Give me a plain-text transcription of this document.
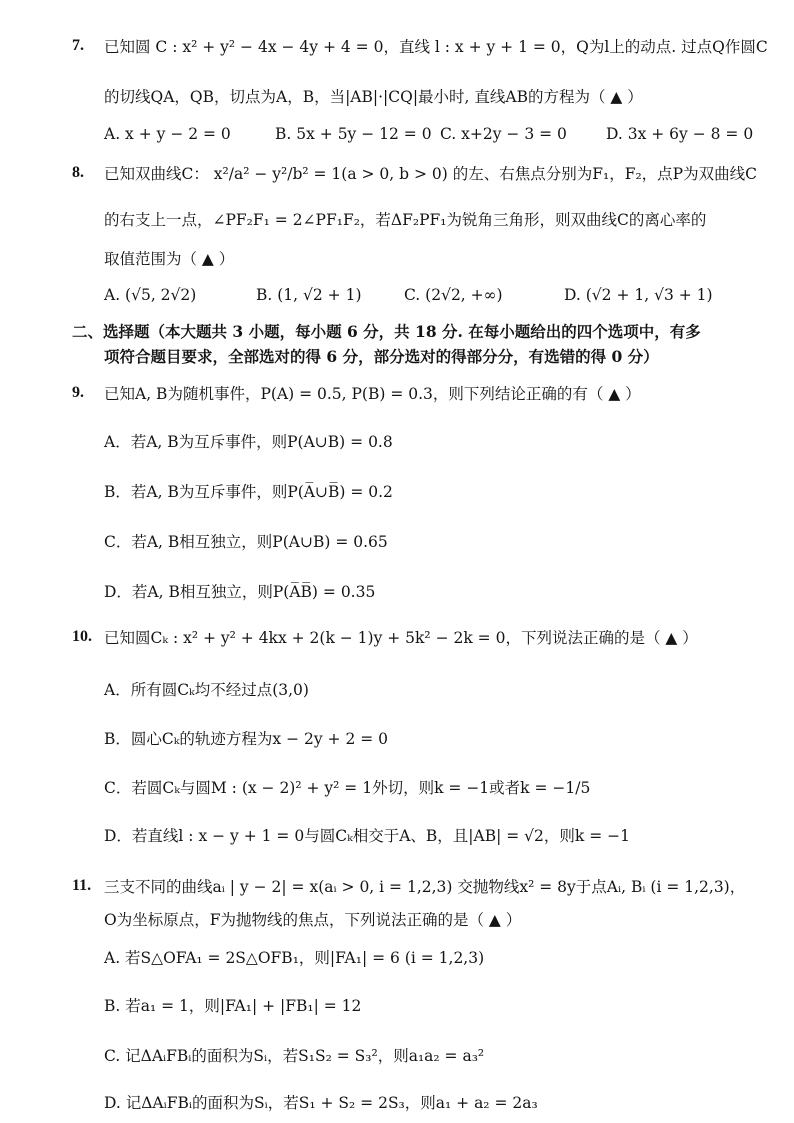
7. 已知圆 C : x² + y² − 4x − 4y + 4 = 0，直线 l : x + y + 1 = 0，Q为l上的动点. 过点Q作圆C
的切线QA，QB，切点为A，B，当|AB|·|CQ|最小时, 直线AB的方程为（ ▲ ）
A. x + y − 2 = 0	B. 5x + 5y − 12 = 0 C. x+2y − 3 = 0	D. 3x + 6y − 8 = 0
8. 已知双曲线C： x²/a² − y²/b² = 1(a > 0, b > 0) 的左、右焦点分别为F₁，F₂，点P为双曲线C
的右支上一点，∠PF₂F₁ = 2∠PF₁F₂，若ΔF₂PF₁为锐角三角形，则双曲线C的离心率的
取值范围为（ ▲ ）
A. (√5, 2√2)	B. (1, √2 + 1)	C. (2√2, +∞)	D. (√2 + 1, √3 + 1)
二、选择题（本大题共 3 小题，每小题 6 分，共 18 分. 在每小题给出的四个选项中，有多
项符合题目要求，全部选对的得 6 分，部分选对的得部分分，有选错的得 0 分）
9. 已知A, B为随机事件，P(A) = 0.5, P(B) = 0.3，则下列结论正确的有（ ▲ ）
A．若A, B为互斥事件，则P(A∪B) = 0.8
B．若A, B为互斥事件，则P(A̅∪B̅) = 0.2
C．若A, B相互独立，则P(A∪B) = 0.65
D．若A, B相互独立，则P(A̅B̅) = 0.35
10. 已知圆Cₖ : x² + y² + 4kx + 2(k − 1)y + 5k² − 2k = 0，下列说法正确的是（ ▲ ）
A．所有圆Cₖ均不经过点(3,0)
B．圆心Cₖ的轨迹方程为x − 2y + 2 = 0
C．若圆Cₖ与圆M : (x − 2)² + y² = 1外切，则k = −1或者k = −1/5
D．若直线l : x − y + 1 = 0与圆Cₖ相交于A、B，且|AB| = √2，则k = −1
11. 三支不同的曲线aᵢ | y − 2| = x(aᵢ > 0, i = 1,2,3) 交抛物线x² = 8y于点Aᵢ, Bᵢ (i = 1,2,3)，
O为坐标原点，F为抛物线的焦点，下列说法正确的是（ ▲ ）
A. 若S△OFA₁ = 2S△OFB₁，则|FA₁| = 6 (i = 1,2,3)
B. 若a₁ = 1，则|FA₁| + |FB₁| = 12
C. 记ΔAᵢFBᵢ的面积为Sᵢ，若S₁S₂ = S₃²，则a₁a₂ = a₃²
D. 记ΔAᵢFBᵢ的面积为Sᵢ，若S₁ + S₂ = 2S₃，则a₁ + a₂ = 2a₃
